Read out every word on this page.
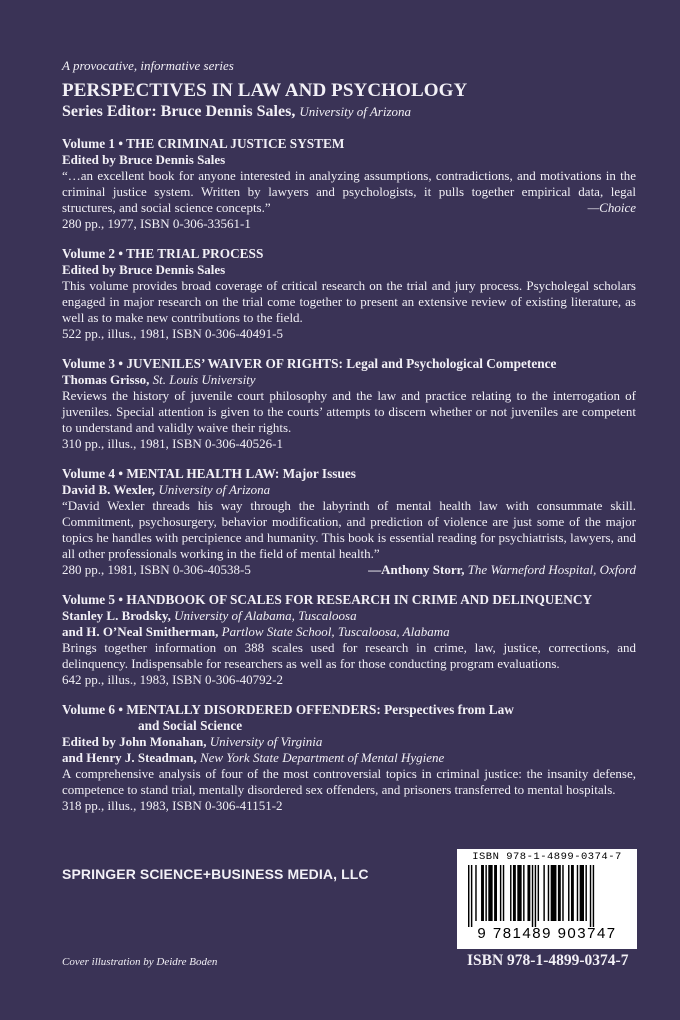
A provocative, informative series
PERSPECTIVES IN LAW AND PSYCHOLOGY
Series Editor: Bruce Dennis Sales, University of Arizona
Volume 1 • THE CRIMINAL JUSTICE SYSTEM
Edited by Bruce Dennis Sales
“…an excellent book for anyone interested in analyzing assumptions, contradictions, and motivations in the criminal justice system. Written by lawyers and psychologists, it pulls together empirical data, legal structures, and social science concepts.”	—Choice
280 pp., 1977, ISBN 0-306-33561-1
Volume 2 • THE TRIAL PROCESS
Edited by Bruce Dennis Sales
This volume provides broad coverage of critical research on the trial and jury process. Psycholegal scholars engaged in major research on the trial come together to present an extensive review of existing literature, as well as to make new contributions to the field.
522 pp., illus., 1981, ISBN 0-306-40491-5
Volume 3 • JUVENILES’ WAIVER OF RIGHTS: Legal and Psychological Competence
Thomas Grisso, St. Louis University
Reviews the history of juvenile court philosophy and the law and practice relating to the interrogation of juveniles. Special attention is given to the courts’ attempts to discern whether or not juveniles are competent to understand and validly waive their rights.
310 pp., illus., 1981, ISBN 0-306-40526-1
Volume 4 • MENTAL HEALTH LAW: Major Issues
David B. Wexler, University of Arizona
“David Wexler threads his way through the labyrinth of mental health law with consummate skill. Commitment, psychosurgery, behavior modification, and prediction of violence are just some of the major topics he handles with percipience and humanity. This book is essential reading for psychiatrists, lawyers, and all other professionals working in the field of mental health.”
280 pp., 1981, ISBN 0-306-40538-5	—Anthony Storr, The Warneford Hospital, Oxford
Volume 5 • HANDBOOK OF SCALES FOR RESEARCH IN CRIME AND DELINQUENCY
Stanley L. Brodsky, University of Alabama, Tuscaloosa
and H. O’Neal Smitherman, Partlow State School, Tuscaloosa, Alabama
Brings together information on 388 scales used for research in crime, law, justice, corrections, and delinquency. Indispensable for researchers as well as for those conducting program evaluations.
642 pp., illus., 1983, ISBN 0-306-40792-2
Volume 6 • MENTALLY DISORDERED OFFENDERS: Perspectives from Law
and Social Science
Edited by John Monahan, University of Virginia
and Henry J. Steadman, New York State Department of Mental Hygiene
A comprehensive analysis of four of the most controversial topics in criminal justice: the insanity defense, competence to stand trial, mentally disordered sex offenders, and prisoners transferred to mental hospitals.
318 pp., illus., 1983, ISBN 0-306-41151-2
SPRINGER SCIENCE+BUSINESS MEDIA, LLC
ISBN 978-1-4899-0374-7
9 781489 903747
Cover illustration by Deidre Boden	ISBN 978-1-4899-0374-7
